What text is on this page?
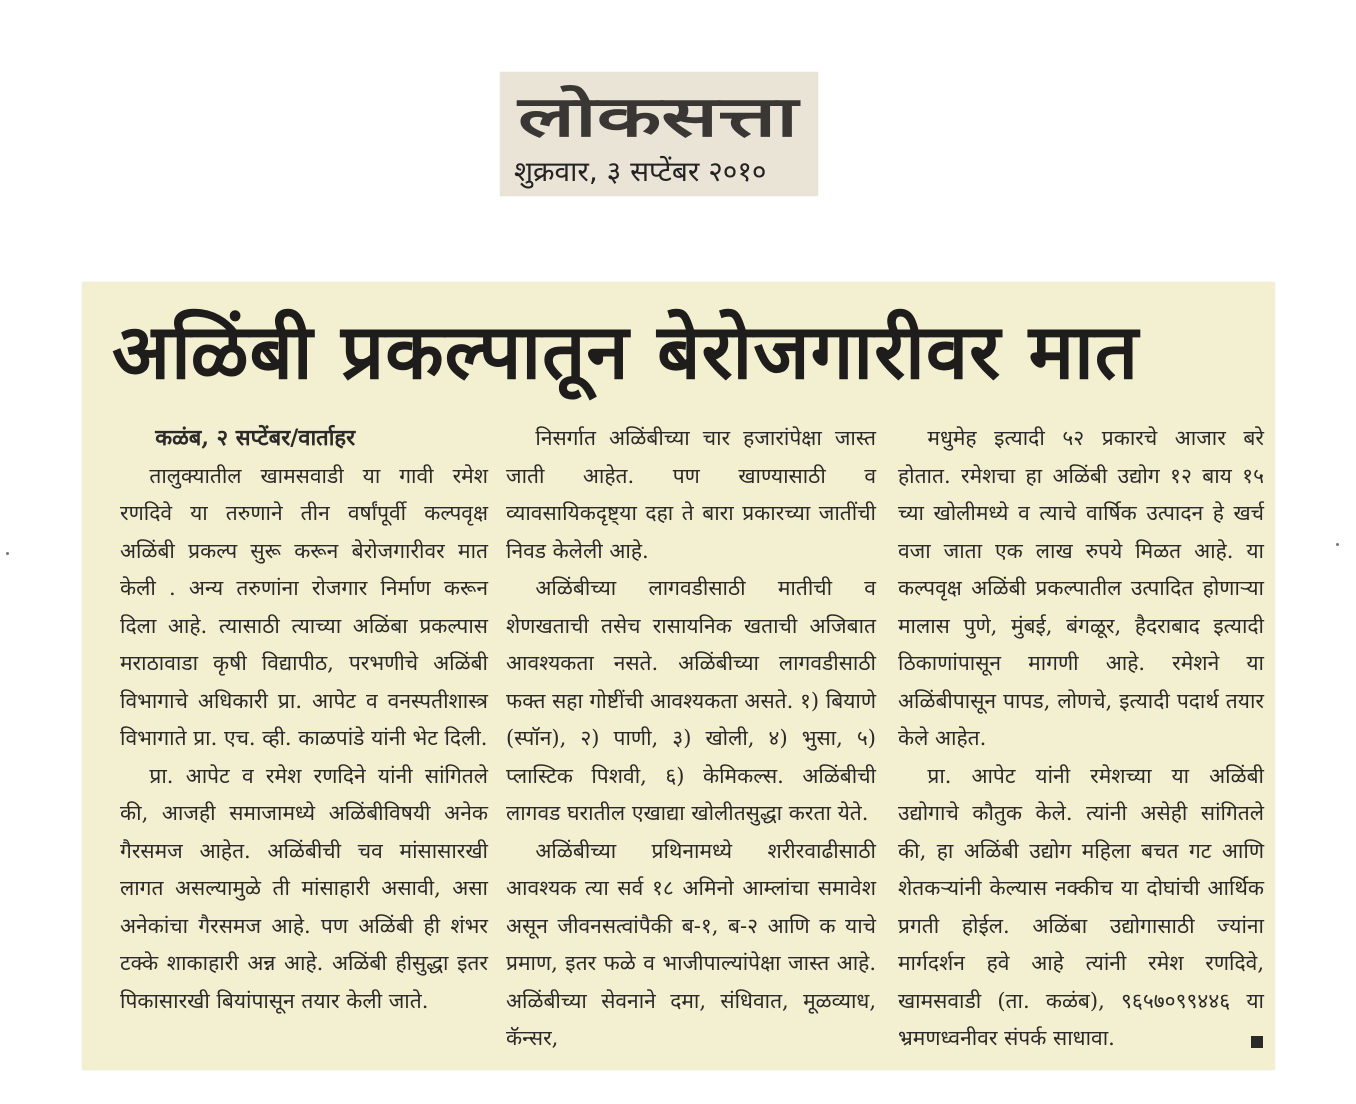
लोकसत्ता
शुक्रवार, ३ सप्टेंबर २०१०
अळिंबी प्रकल्पातून बेरोजगारीवर मात
कळंब, २ सप्टेंबर/वार्ताहर

तालुक्यातील खामसवाडी या गावी रमेश रणदिवे या तरुणाने तीन वर्षांपूर्वी कल्पवृक्ष अळिंबी प्रकल्प सुरू करून बेरोजगारीवर मात केली . अन्य तरुणांना रोजगार निर्माण करून दिला आहे. त्यासाठी त्याच्या अळिंबा प्रकल्पास मराठावाडा कृषी विद्यापीठ, परभणीचे अळिंबी विभागाचे अधिकारी प्रा. आपेट व वनस्पतीशास्त्र विभागाते प्रा. एच. व्ही. काळपांडे यांनी भेट दिली.

प्रा. आपेट व रमेश रणदिने यांनी सांगितले की, आजही समाजामध्ये अळिंबीविषयी अनेक गैरसमज आहेत. अळिंबीची चव मांसासारखी लागत असल्यामुळे ती मांसाहारी असावी, असा अनेकांचा गैरसमज आहे. पण अळिंबी ही शंभर टक्के शाकाहारी अन्न आहे. अळिंबी हीसुद्धा इतर पिकासारखी बियांपासून तयार केली जाते.

निसर्गात अळिंबीच्या चार हजारांपेक्षा जास्त जाती आहेत. पण खाण्यासाठी व व्यावसायिकदृष्ट्या दहा ते बारा प्रकारच्या जातींची निवड केलेली आहे.

अळिंबीच्या लागवडीसाठी मातीची व शेणखताची तसेच रासायनिक खताची अजिबात आवश्यकता नसते. अळिंबीच्या लागवडीसाठी फक्त सहा गोष्टींची आवश्यकता असते. १) बियाणे (स्पॉन), २) पाणी, ३) खोली, ४) भुसा, ५) प्लास्टिक पिशवी, ६) केमिकल्स. अळिंबीची लागवड घरातील एखाद्या खोलीतसुद्धा करता येते.

अळिंबीच्या प्रथिनामध्ये शरीरवाढीसाठी आवश्यक त्या सर्व १८ अमिनो आम्लांचा समावेश असून जीवनसत्वांपैकी ब-१, ब-२ आणि क याचे प्रमाण, इतर फळे व भाजीपाल्यांपेक्षा जास्त आहे. अळिंबीच्या सेवनाने दमा, संधिवात, मूळव्याध, कॅन्सर,

मधुमेह इत्यादी ५२ प्रकारचे आजार बरे होतात. रमेशचा हा अळिंबी उद्योग १२ बाय १५ च्या खोलीमध्ये व त्याचे वार्षिक उत्पादन हे खर्च वजा जाता एक लाख रुपये मिळत आहे. या कल्पवृक्ष अळिंबी प्रकल्पातील उत्पादित होणाऱ्या मालास पुणे, मुंबई, बंगळूर, हैदराबाद इत्यादी ठिकाणांपासून मागणी आहे. रमेशने या अळिंबीपासून पापड, लोणचे, इत्यादी पदार्थ तयार केले आहेत.

प्रा. आपेट यांनी रमेशच्या या अळिंबी उद्योगाचे कौतुक केले. त्यांनी असेही सांगितले की, हा अळिंबी उद्योग महिला बचत गट आणि शेतकऱ्यांनी केल्यास नक्कीच या दोघांची आर्थिक प्रगती होईल. अळिंबा उद्योगासाठी ज्यांना मार्गदर्शन हवे आहे त्यांनी रमेश रणदिवे, खामसवाडी (ता. कळंब), ९६५७०९९४४६ या भ्रमणध्वनीवर संपर्क साधावा.
